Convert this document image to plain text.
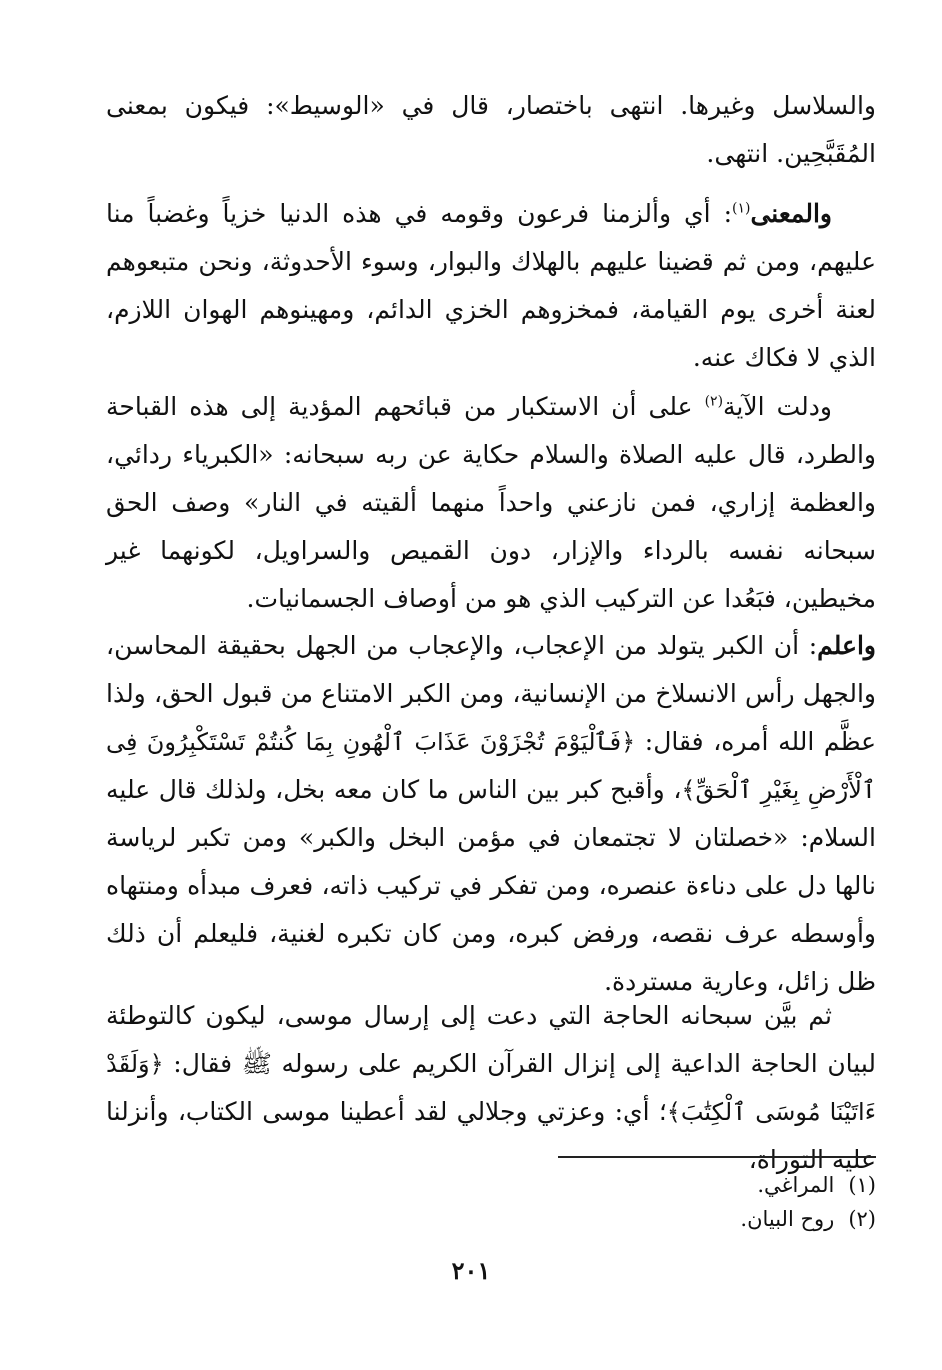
والسلاسل وغيرها. انتهى باختصار، قال في «الوسيط»: فيكون بمعنى المُقَبَّحِين. انتهى.

والمعنى$^{(١)}$: أي وألزمنا فرعون وقومه في هذه الدنيا خزياً وغضباً منا عليهم، ومن ثم قضينا عليهم بالهلاك والبوار، وسوء الأحدوثة، ونحن متبعوهم لعنة أخرى يوم القيامة، فمخزوهم الخزي الدائم، ومهينوهم الهوان اللازم، الذي لا فكاك عنه.

ودلت الآية$^{(٢)}$ على أن الاستكبار من قبائحهم المؤدية إلى هذه القباحة والطرد، قال عليه الصلاة والسلام حكاية عن ربه سبحانه: «الكبرياء ردائي، والعظمة إزاري، فمن نازعني واحداً منهما ألقيته في النار» وصف الحق سبحانه نفسه بالرداء والإزار، دون القميص والسراويل، لكونهما غير مخيطين، فبَعُدا عن التركيب الذي هو من أوصاف الجسمانيات.

واعلم: أن الكبر يتولد من الإعجاب، والإعجاب من الجهل بحقيقة المحاسن، والجهل رأس الانسلاخ من الإنسانية، ومن الكبر الامتناع من قبول الحق، ولذا عظَّم الله أمره، فقال: ﴿فَٱلْيَوْمَ تُجْزَوْنَ عَذَابَ ٱلْهُونِ بِمَا كُنتُمْ تَسْتَكْبِرُونَ فِى ٱلْأَرْضِ بِغَيْرِ ٱلْحَقِّ﴾، وأقبح كبر بين الناس ما كان معه بخل، ولذلك قال عليه السلام: «خصلتان لا تجتمعان في مؤمن البخل والكبر» ومن تكبر لرياسة نالها دل على دناءة عنصره، ومن تفكر في تركيب ذاته، فعرف مبدأه ومنتهاه وأوسطه عرف نقصه، ورفض كبره، ومن كان تكبره لغنية، فليعلم أن ذلك ظل زائل، وعارية مستردة.

ثم بيَّن سبحانه الحاجة التي دعت إلى إرسال موسى، ليكون كالتوطئة لبيان الحاجة الداعية إلى إنزال القرآن الكريم على رسوله ﷺ فقال: ﴿وَلَقَدْ ءَاتَيْنَا مُوسَى ٱلْكِتَٰبَ﴾؛ أي: وعزتي وجلالي لقد أعطينا موسى الكتاب، وأنزلنا عليه التوراة،

(١)
المراغي.
(٢)
روح البيان.
٢٠١
